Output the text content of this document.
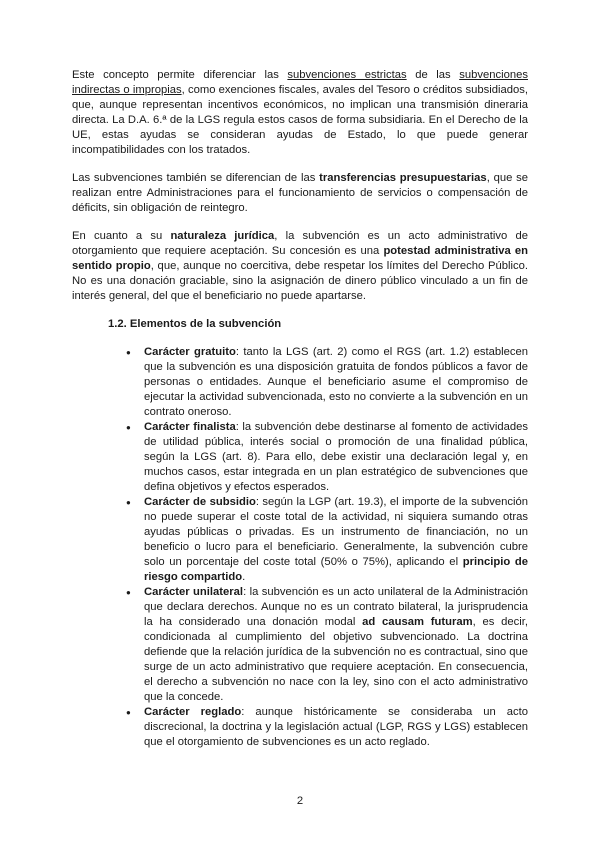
Este concepto permite diferenciar las subvenciones estrictas de las subvenciones indirectas o impropias, como exenciones fiscales, avales del Tesoro o créditos subsidiados, que, aunque representan incentivos económicos, no implican una transmisión dineraria directa. La D.A. 6.ª de la LGS regula estos casos de forma subsidiaria. En el Derecho de la UE, estas ayudas se consideran ayudas de Estado, lo que puede generar incompatibilidades con los tratados.

Las subvenciones también se diferencian de las transferencias presupuestarias, que se realizan entre Administraciones para el funcionamiento de servicios o compensación de déficits, sin obligación de reintegro.

En cuanto a su naturaleza jurídica, la subvención es un acto administrativo de otorgamiento que requiere aceptación. Su concesión es una potestad administrativa en sentido propio, que, aunque no coercitiva, debe respetar los límites del Derecho Público. No es una donación graciable, sino la asignación de dinero público vinculado a un fin de interés general, del que el beneficiario no puede apartarse.

1.2. Elementos de la subvención
● Carácter gratuito: tanto la LGS (art. 2) como el RGS (art. 1.2) establecen que la subvención es una disposición gratuita de fondos públicos a favor de personas o entidades. Aunque el beneficiario asume el compromiso de ejecutar la actividad subvencionada, esto no convierte a la subvención en un contrato oneroso.
● Carácter finalista: la subvención debe destinarse al fomento de actividades de utilidad pública, interés social o promoción de una finalidad pública, según la LGS (art. 8). Para ello, debe existir una declaración legal y, en muchos casos, estar integrada en un plan estratégico de subvenciones que defina objetivos y efectos esperados.
● Carácter de subsidio: según la LGP (art. 19.3), el importe de la subvención no puede superar el coste total de la actividad, ni siquiera sumando otras ayudas públicas o privadas. Es un instrumento de financiación, no un beneficio o lucro para el beneficiario. Generalmente, la subvención cubre solo un porcentaje del coste total (50% o 75%), aplicando el principio de riesgo compartido.
● Carácter unilateral: la subvención es un acto unilateral de la Administración que declara derechos. Aunque no es un contrato bilateral, la jurisprudencia la ha considerado una donación modal ad causam futuram, es decir, condicionada al cumplimiento del objetivo subvencionado. La doctrina defiende que la relación jurídica de la subvención no es contractual, sino que surge de un acto administrativo que requiere aceptación. En consecuencia, el derecho a subvención no nace con la ley, sino con el acto administrativo que la concede.
● Carácter reglado: aunque históricamente se consideraba un acto discrecional, la doctrina y la legislación actual (LGP, RGS y LGS) establecen que el otorgamiento de subvenciones es un acto reglado.
2
